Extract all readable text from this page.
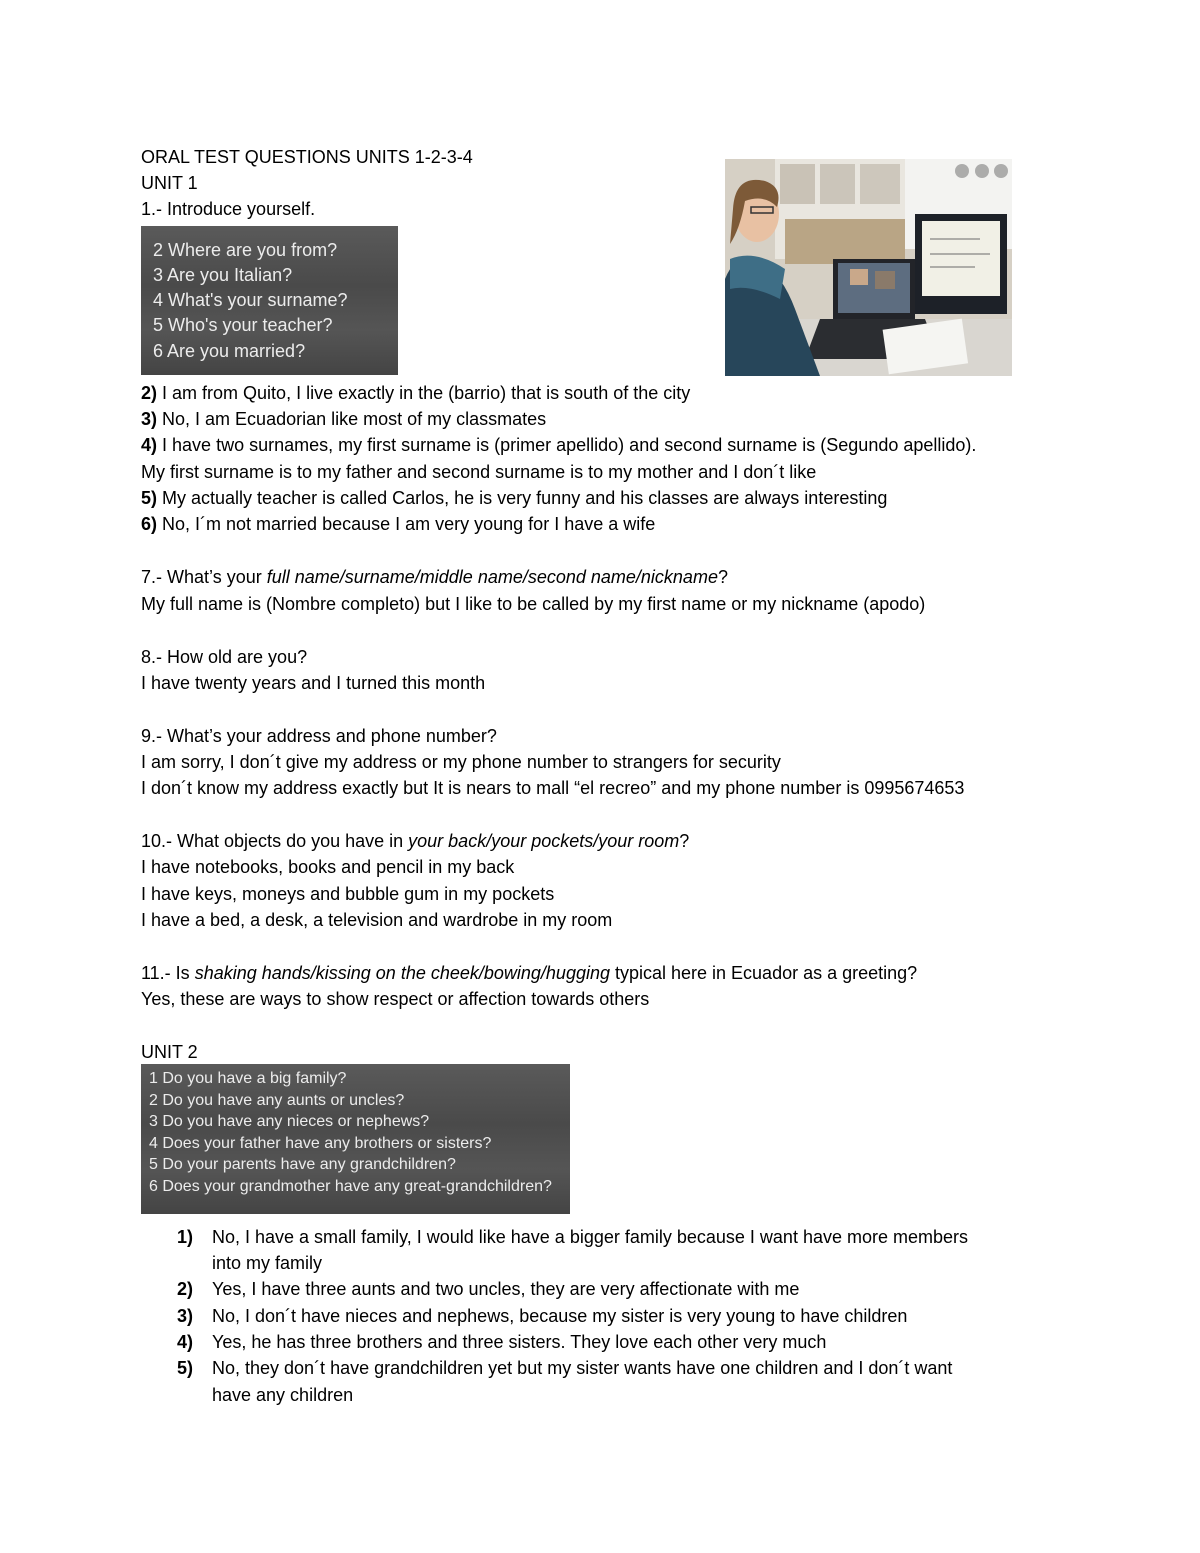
ORAL TEST QUESTIONS UNITS 1-2-3-4
UNIT 1
1.- Introduce yourself.
2 Where are you from?
3 Are you Italian?
4 What's your surname?
5 Who's your teacher?
6 Are you married?
2) I am from Quito, I live exactly in the (barrio) that is south of the city
3) No, I am Ecuadorian like most of my classmates
4) I have two surnames, my first surname is (primer apellido) and second surname is (Segundo apellido).
My first surname is to my father and second surname is to my mother and I don´t like
5) My actually teacher is called Carlos, he is very funny and his classes are always interesting
6) No, I´m not married because I am very young for I have a wife
7.- What’s your full name/surname/middle name/second name/nickname?
My full name is (Nombre completo) but I like to be called by my first name or my nickname (apodo)
8.- How old are you?
I have twenty years and I turned this month
9.- What’s your address and phone number?
I am sorry, I don´t give my address or my phone number to strangers for security
I don´t know my address exactly but It is nears to mall “el recreo” and my phone number is 0995674653
10.- What objects do you have in your back/your pockets/your room?
I have notebooks, books and pencil in my back
I have keys, moneys and bubble gum in my pockets
I have a bed, a desk, a television and wardrobe in my room
11.- Is shaking hands/kissing on the cheek/bowing/hugging typical here in Ecuador as a greeting?
Yes, these are ways to show respect or affection towards others
UNIT 2
1 Do you have a big family?
2 Do you have any aunts or uncles?
3 Do you have any nieces or nephews?
4 Does your father have any brothers or sisters?
5 Do your parents have any grandchildren?
6 Does your grandmother have any great-grandchildren?
1) No, I have a small family, I would like have a bigger family because I want have more members
into my family
2) Yes, I have three aunts and two uncles, they are very affectionate with me
3) No, I don´t have nieces and nephews, because my sister is very young to have children
4) Yes, he has three brothers and three sisters. They love each other very much
5) No, they don´t have grandchildren yet but my sister wants have one children and I don´t want
have any children
